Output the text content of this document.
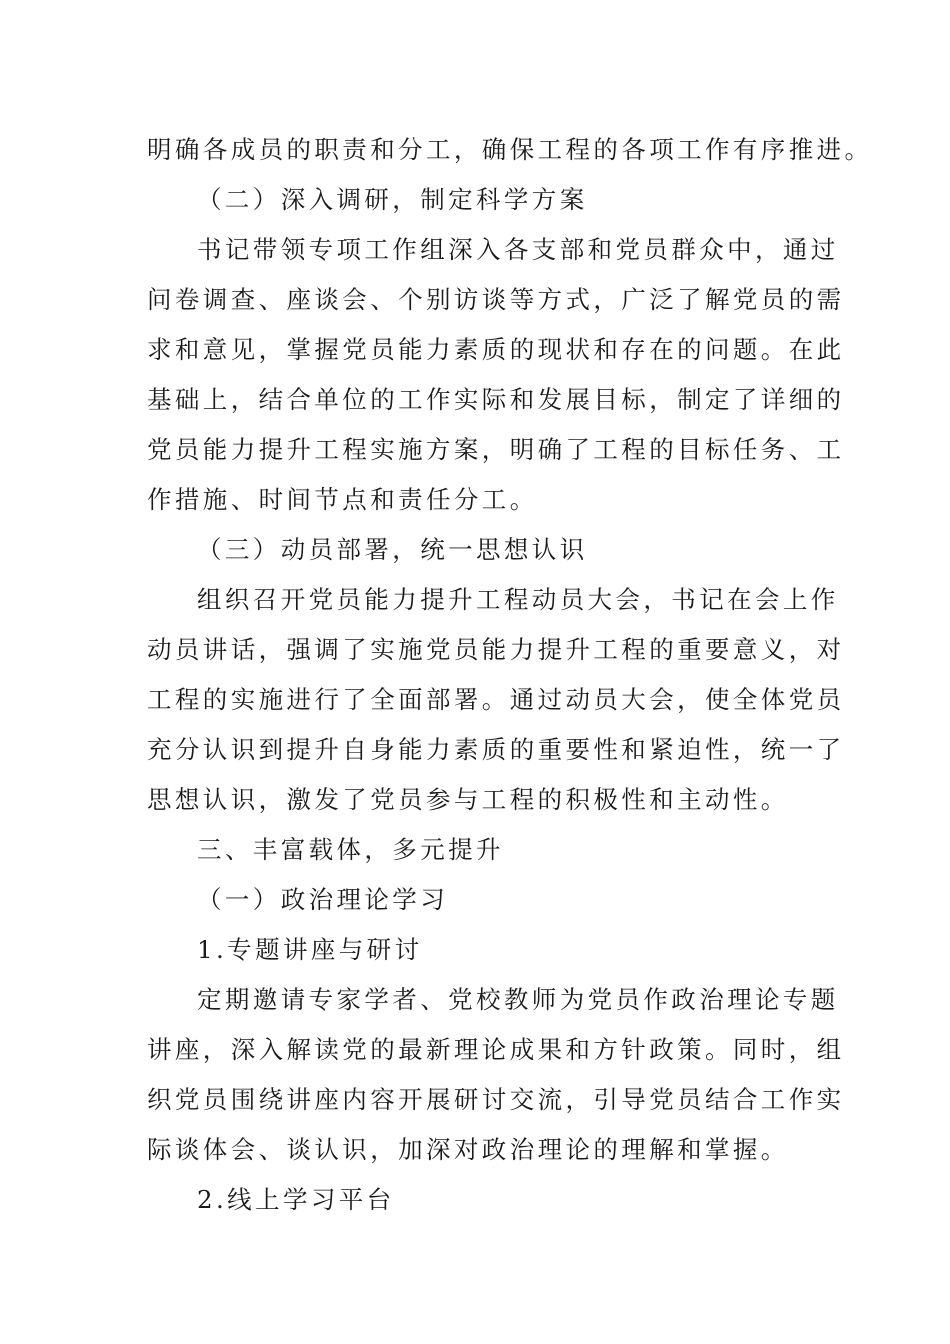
明确各成员的职责和分工，确保工程的各项工作有序推进。
（二）深入调研，制定科学方案
书记带领专项工作组深入各支部和党员群众中，通过
问卷调查、座谈会、个别访谈等方式，广泛了解党员的需
求和意见，掌握党员能力素质的现状和存在的问题。在此
基础上，结合单位的工作实际和发展目标，制定了详细的
党员能力提升工程实施方案，明确了工程的目标任务、工
作措施、时间节点和责任分工。
（三）动员部署，统一思想认识
组织召开党员能力提升工程动员大会，书记在会上作
动员讲话，强调了实施党员能力提升工程的重要意义，对
工程的实施进行了全面部署。通过动员大会，使全体党员
充分认识到提升自身能力素质的重要性和紧迫性，统一了
思想认识，激发了党员参与工程的积极性和主动性。
三、丰富载体，多元提升
（一）政治理论学习
1.专题讲座与研讨
定期邀请专家学者、党校教师为党员作政治理论专题
讲座，深入解读党的最新理论成果和方针政策。同时，组
织党员围绕讲座内容开展研讨交流，引导党员结合工作实
际谈体会、谈认识，加深对政治理论的理解和掌握。
2.线上学习平台
